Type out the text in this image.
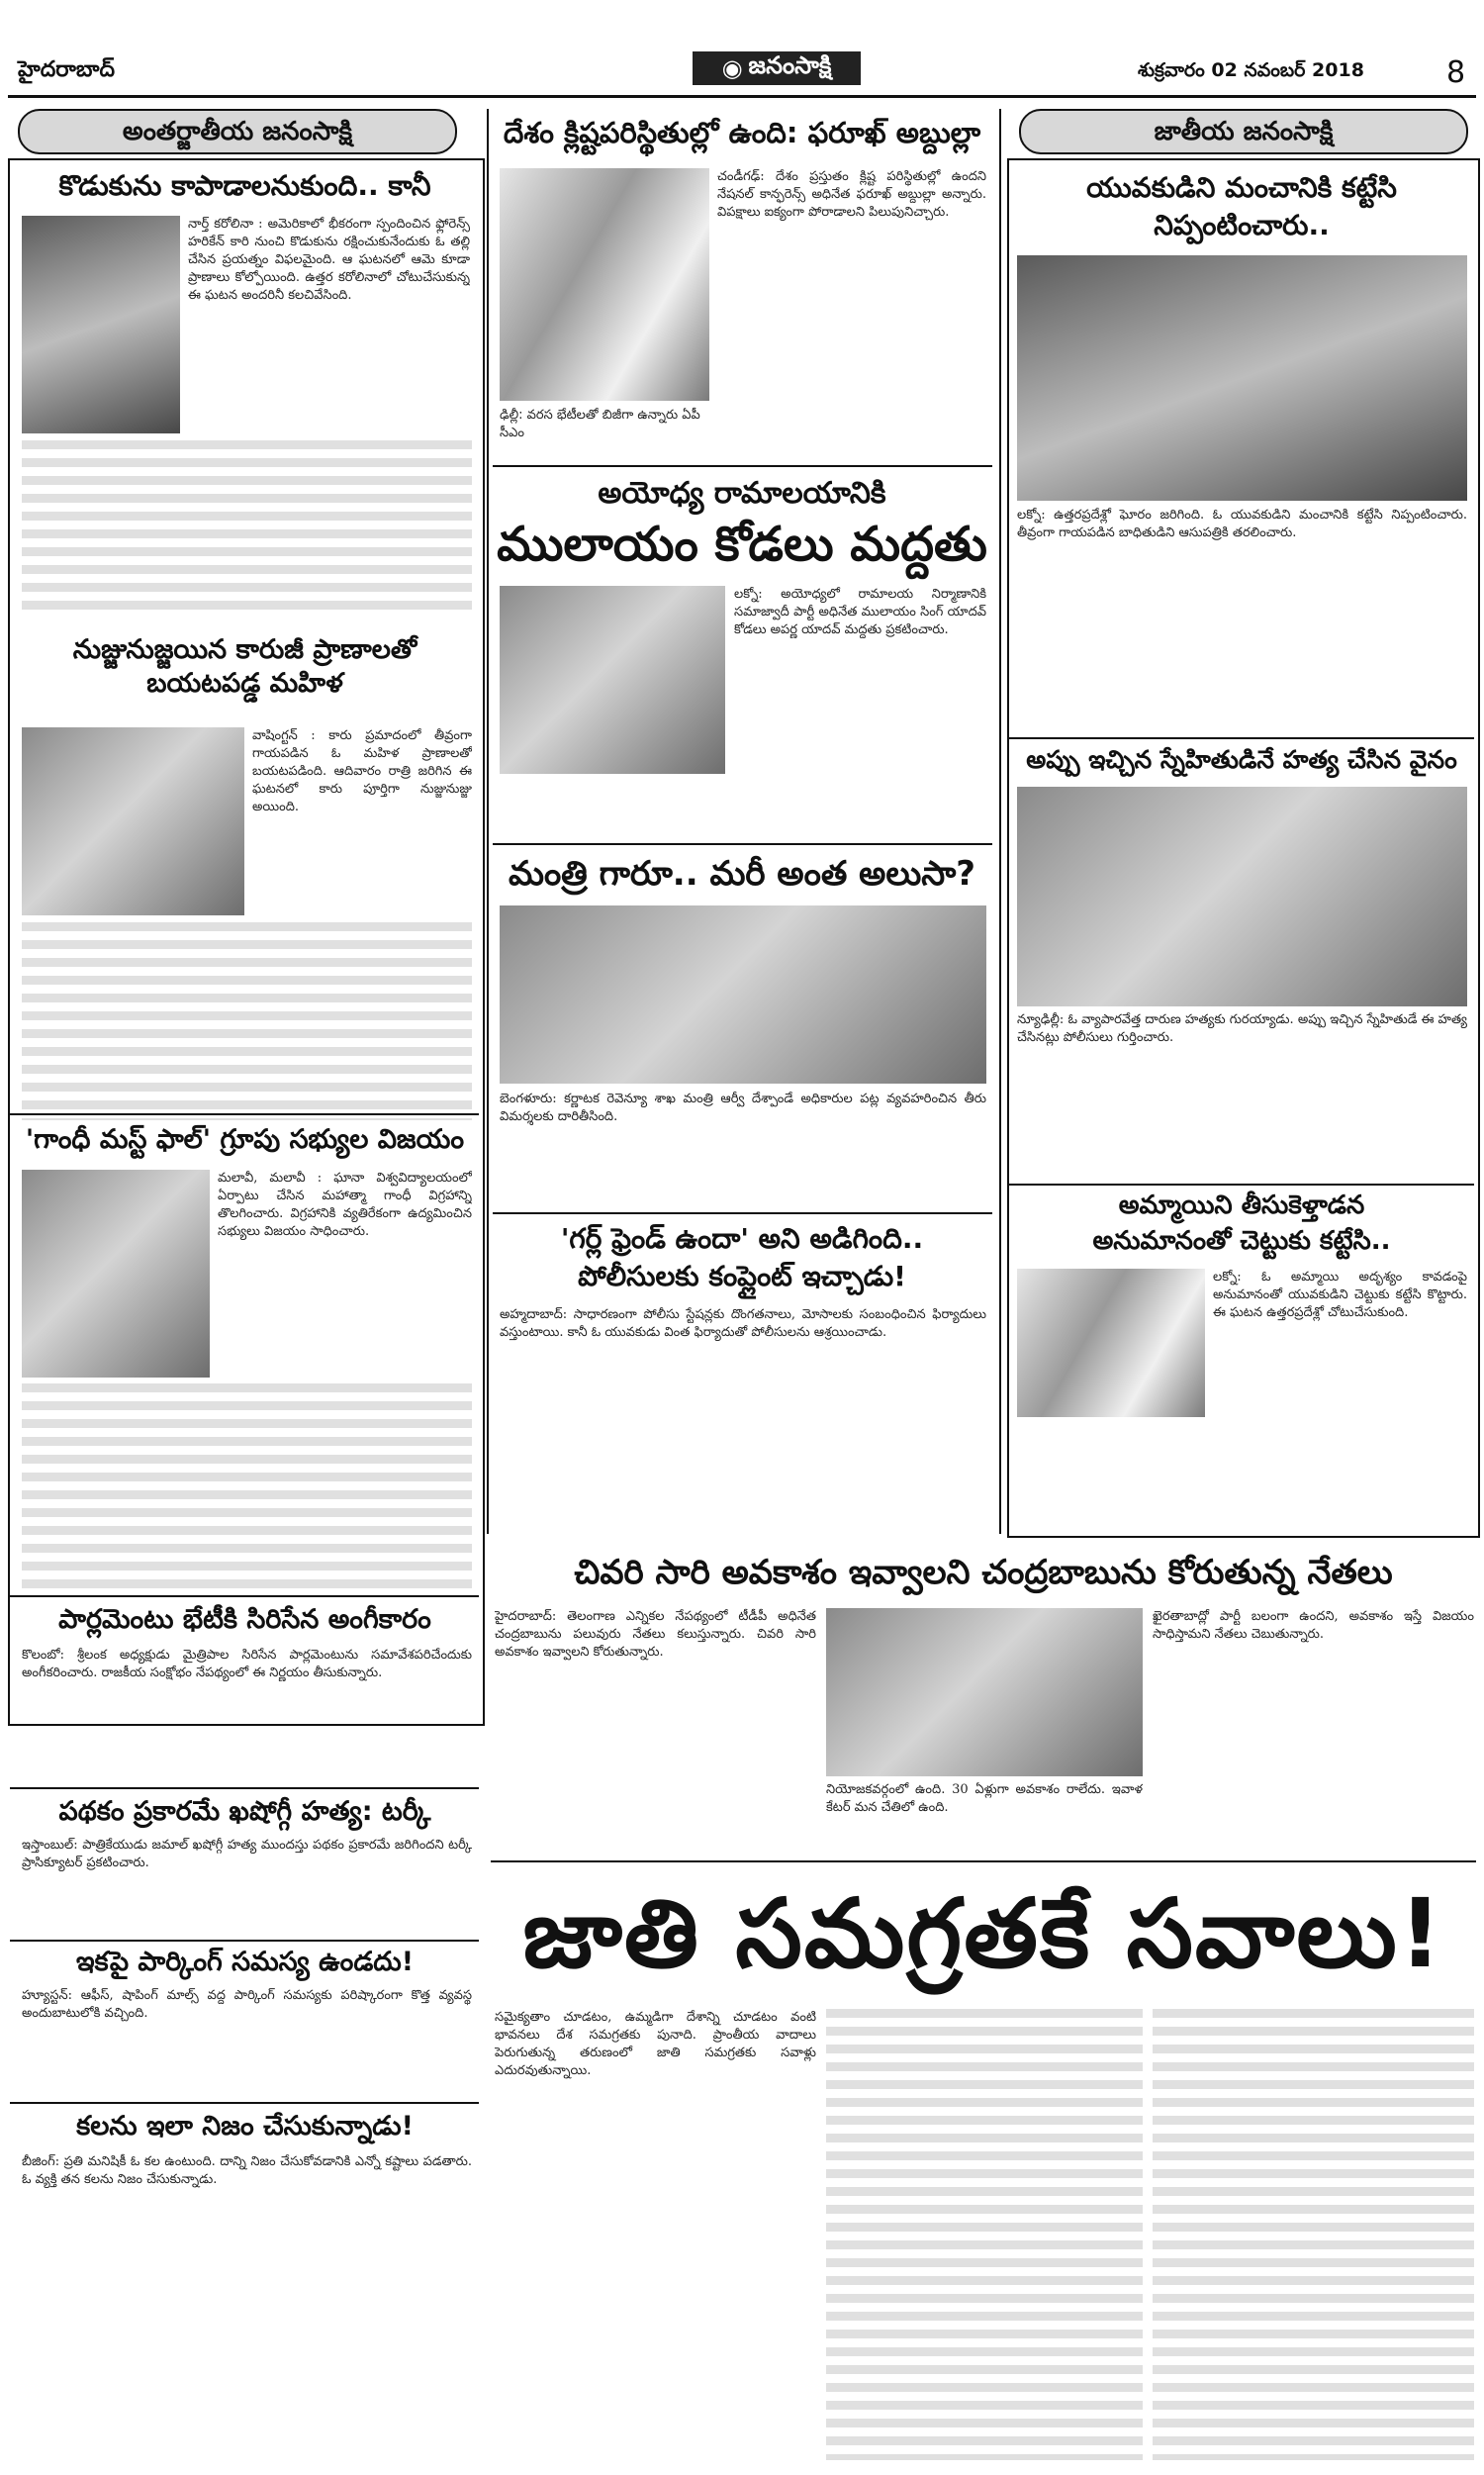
హైదరాబాద్	◉ జనంసాక్షి	శుక్రవారం 02 నవంబర్ 2018	8
అంతర్జాతీయ జనంసాక్షి
కొడుకును కాపాడాలనుకుంది.. కానీ
నార్త్ కరోలినా : అమెరికాలో భీకరంగా స్పందించిన ఫ్లోరెన్స్ హరికేన్ కారి నుంచి కొడుకును రక్షించుకునేందుకు ఓ తల్లి చేసిన ప్రయత్నం విఫలమైంది. ఆ ఘటనలో ఆమె కూడా ప్రాణాలు కోల్పోయింది. ఉత్తర కరోలినాలో చోటుచేసుకున్న ఈ ఘటన అందరినీ కలచివేసింది.
నుజ్జునుజ్జయిన కారుజీ ప్రాణాలతో బయటపడ్డ మహిళ
వాషింగ్టన్ : కారు ప్రమాదంలో తీవ్రంగా గాయపడిన ఓ మహిళ ప్రాణాలతో బయటపడింది. ఆదివారం రాత్రి జరిగిన ఈ ఘటనలో కారు పూర్తిగా నుజ్జునుజ్జు అయింది.
'గాంధీ మస్ట్ ఫాల్' గ్రూపు సభ్యుల విజయం
మలావీ, మలావీ : ఘానా విశ్వవిద్యాలయంలో ఏర్పాటు చేసిన మహాత్మా గాంధీ విగ్రహాన్ని తొలగించారు. విగ్రహానికి వ్యతిరేకంగా ఉద్యమించిన సభ్యులు విజయం సాధించారు.
పార్లమెంటు భేటీకి సిరిసేన అంగీకారం
కొలంబో: శ్రీలంక అధ్యక్షుడు మైత్రిపాల సిరిసేన పార్లమెంటును సమావేశపరిచేందుకు అంగీకరించారు. రాజకీయ సంక్షోభం నేపథ్యంలో ఈ నిర్ణయం తీసుకున్నారు.
పథకం ప్రకారమే ఖషోగ్గీ హత్య: టర్కీ
ఇస్తాంబుల్: పాత్రికేయుడు జమాల్ ఖషోగ్గీ హత్య ముందస్తు పథకం ప్రకారమే జరిగిందని టర్కీ ప్రాసిక్యూటర్ ప్రకటించారు.
ఇకపై పార్కింగ్ సమస్య ఉండదు!
హ్యూస్టన్: ఆఫీస్, షాపింగ్ మాల్స్ వద్ద పార్కింగ్ సమస్యకు పరిష్కారంగా కొత్త వ్యవస్థ అందుబాటులోకి వచ్చింది.
కలను ఇలా నిజం చేసుకున్నాడు!
బీజింగ్: ప్రతి మనిషికీ ఓ కల ఉంటుంది. దాన్ని నిజం చేసుకోవడానికి ఎన్నో కష్టాలు పడతారు. ఓ వ్యక్తి తన కలను నిజం చేసుకున్నాడు.
దేశం క్లిష్టపరిస్థితుల్లో ఉంది: ఫరూఖ్ అబ్దుల్లా
చండీగఢ్: దేశం ప్రస్తుతం క్లిష్ట పరిస్థితుల్లో ఉందని నేషనల్ కాన్ఫరెన్స్ అధినేత ఫరూఖ్ అబ్దుల్లా అన్నారు. విపక్షాలు ఐక్యంగా పోరాడాలని పిలుపునిచ్చారు.
ఢిల్లీ: వరస భేటీలతో బిజీగా ఉన్నారు ఏపీ సీఎం
అయోధ్య రామాలయానికి
ములాయం కోడలు మద్దతు
లక్నో: అయోధ్యలో రామాలయ నిర్మాణానికి సమాజ్వాదీ పార్టీ అధినేత ములాయం సింగ్ యాదవ్ కోడలు అపర్ణ యాదవ్ మద్దతు ప్రకటించారు.
మంత్రి గారూ.. మరీ అంత అలుసా?
బెంగళూరు: కర్ణాటక రెవెన్యూ శాఖ మంత్రి ఆర్వీ దేశ్పాండే అధికారుల పట్ల వ్యవహరించిన తీరు విమర్శలకు దారితీసింది.
'గర్ల్ ఫ్రెండ్ ఉందా' అని అడిగింది..
పోలీసులకు కంప్లైంట్ ఇచ్చాడు!
అహ్మదాబాద్: సాధారణంగా పోలీసు స్టేషన్లకు దొంగతనాలు, మోసాలకు సంబంధించిన ఫిర్యాదులు వస్తుంటాయి. కానీ ఓ యువకుడు వింత ఫిర్యాదుతో పోలీసులను ఆశ్రయించాడు.
జాతీయ జనంసాక్షి
యువకుడిని మంచానికి కట్టేసి
నిప్పంటించారు..
లక్నో: ఉత్తరప్రదేశ్లో ఘోరం జరిగింది. ఓ యువకుడిని మంచానికి కట్టేసి నిప్పంటించారు. తీవ్రంగా గాయపడిన బాధితుడిని ఆసుపత్రికి తరలించారు.
అప్పు ఇచ్చిన స్నేహితుడినే హత్య చేసిన వైనం
న్యూఢిల్లీ: ఓ వ్యాపారవేత్త దారుణ హత్యకు గురయ్యాడు. అప్పు ఇచ్చిన స్నేహితుడే ఈ హత్య చేసినట్లు పోలీసులు గుర్తించారు.
అమ్మాయిని తీసుకెళ్తాడన
అనుమానంతో చెట్టుకు కట్టేసి..
లక్నో: ఓ అమ్మాయి అదృశ్యం కావడంపై అనుమానంతో యువకుడిని చెట్టుకు కట్టేసి కొట్టారు. ఈ ఘటన ఉత్తరప్రదేశ్లో చోటుచేసుకుంది.
చివరి సారి అవకాశం ఇవ్వాలని చంద్రబాబును కోరుతున్న నేతలు
హైదరాబాద్: తెలంగాణ ఎన్నికల నేపథ్యంలో టీడీపీ అధినేత చంద్రబాబును పలువురు నేతలు కలుస్తున్నారు. చివరి సారి అవకాశం ఇవ్వాలని కోరుతున్నారు.
నియోజకవర్గంలో ఉంది. 30 ఏళ్లుగా అవకాశం రాలేదు. ఇవాళ కేటర్ మన చేతిలో ఉంది.
ఖైరతాబాద్లో పార్టీ బలంగా ఉందని, అవకాశం ఇస్తే విజయం సాధిస్తామని నేతలు చెబుతున్నారు.
జాతి సమగ్రతకే సవాలు!
సమైక్యతాం చూడటం, ఉమ్మడిగా దేశాన్ని చూడటం వంటి భావనలు దేశ సమగ్రతకు పునాది. ప్రాంతీయ వాదాలు పెరుగుతున్న తరుణంలో జాతి సమగ్రతకు సవాళ్లు ఎదురవుతున్నాయి.
